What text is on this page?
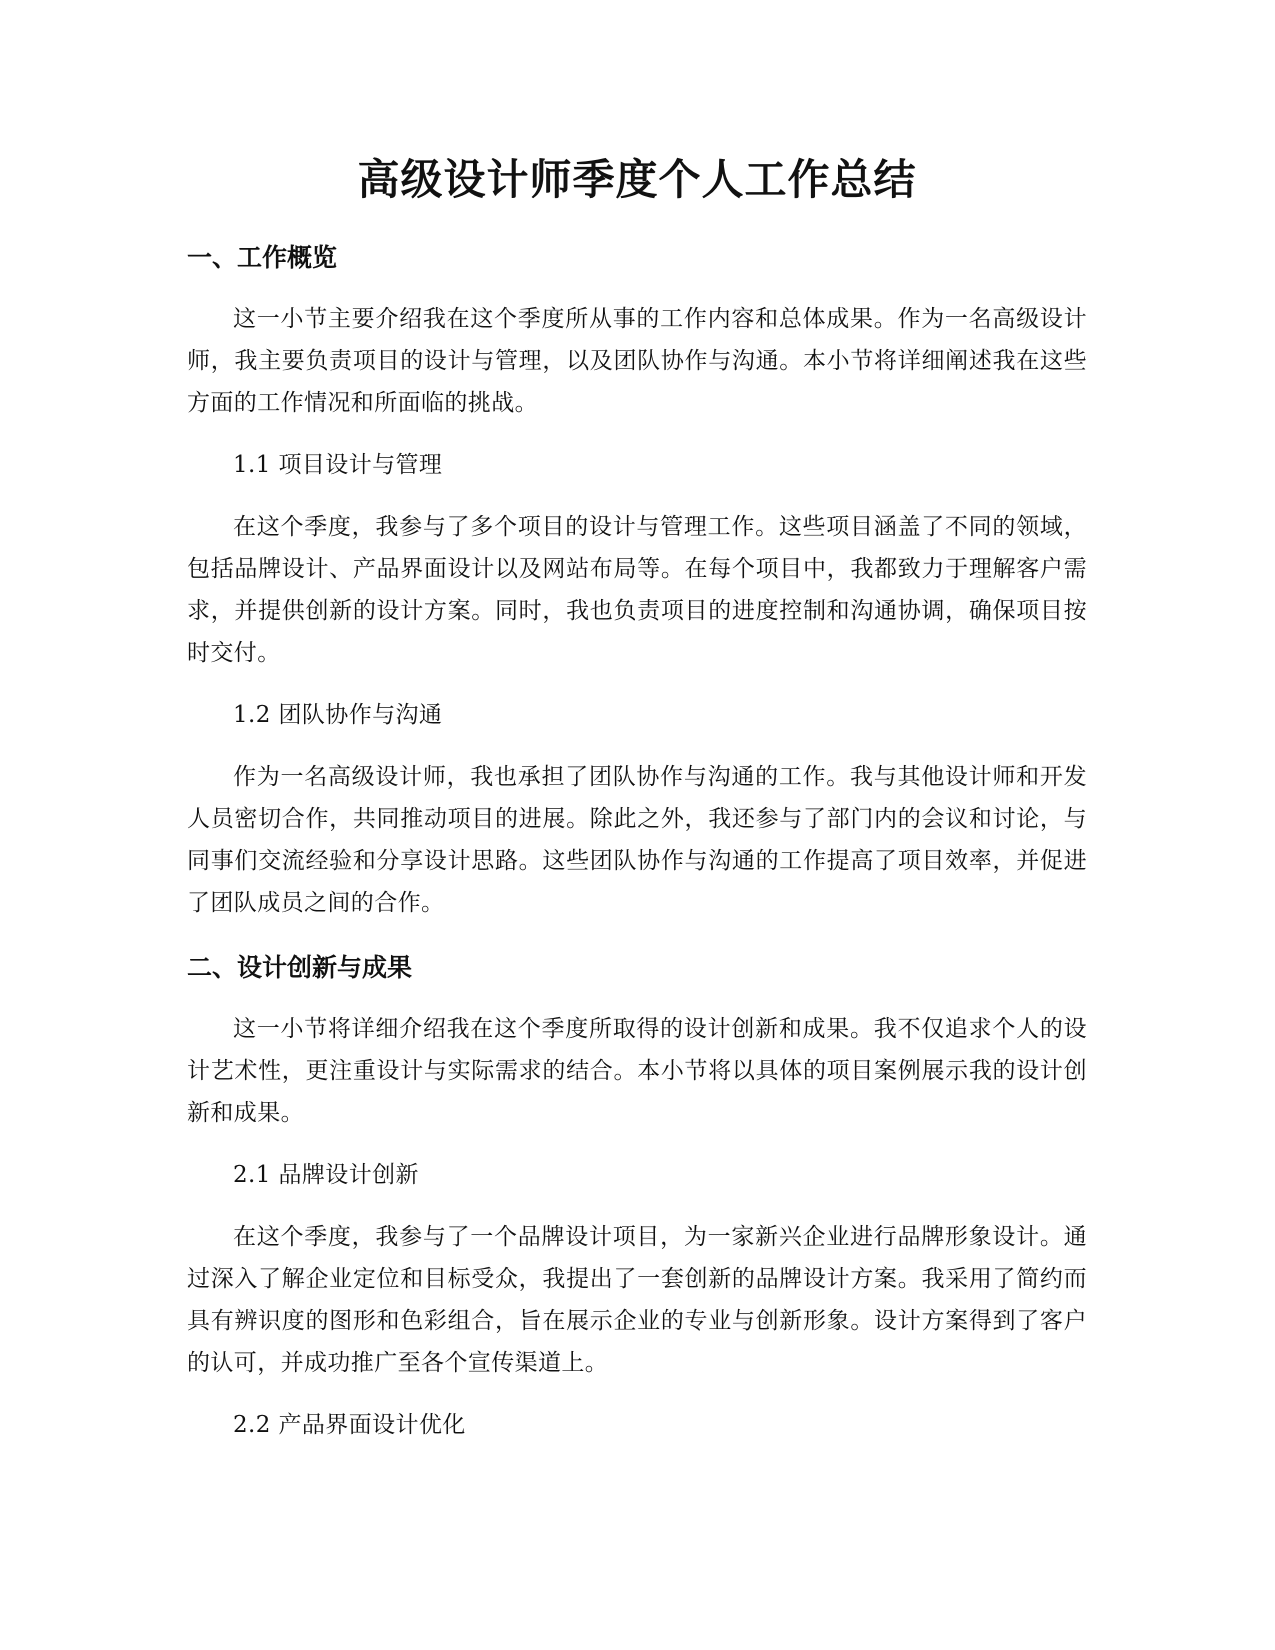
高级设计师季度个人工作总结
一、工作概览

这一小节主要介绍我在这个季度所从事的工作内容和总体成果。作为一名高级设计师，我主要负责项目的设计与管理，以及团队协作与沟通。本小节将详细阐述我在这些方面的工作情况和所面临的挑战。

1.1 项目设计与管理

在这个季度，我参与了多个项目的设计与管理工作。这些项目涵盖了不同的领域，包括品牌设计、产品界面设计以及网站布局等。在每个项目中，我都致力于理解客户需求，并提供创新的设计方案。同时，我也负责项目的进度控制和沟通协调，确保项目按时交付。

1.2 团队协作与沟通

作为一名高级设计师，我也承担了团队协作与沟通的工作。我与其他设计师和开发人员密切合作，共同推动项目的进展。除此之外，我还参与了部门内的会议和讨论，与同事们交流经验和分享设计思路。这些团队协作与沟通的工作提高了项目效率，并促进了团队成员之间的合作。

二、设计创新与成果

这一小节将详细介绍我在这个季度所取得的设计创新和成果。我不仅追求个人的设计艺术性，更注重设计与实际需求的结合。本小节将以具体的项目案例展示我的设计创新和成果。

2.1 品牌设计创新

在这个季度，我参与了一个品牌设计项目，为一家新兴企业进行品牌形象设计。通过深入了解企业定位和目标受众，我提出了一套创新的品牌设计方案。我采用了简约而具有辨识度的图形和色彩组合，旨在展示企业的专业与创新形象。设计方案得到了客户的认可，并成功推广至各个宣传渠道上。

2.2 产品界面设计优化
